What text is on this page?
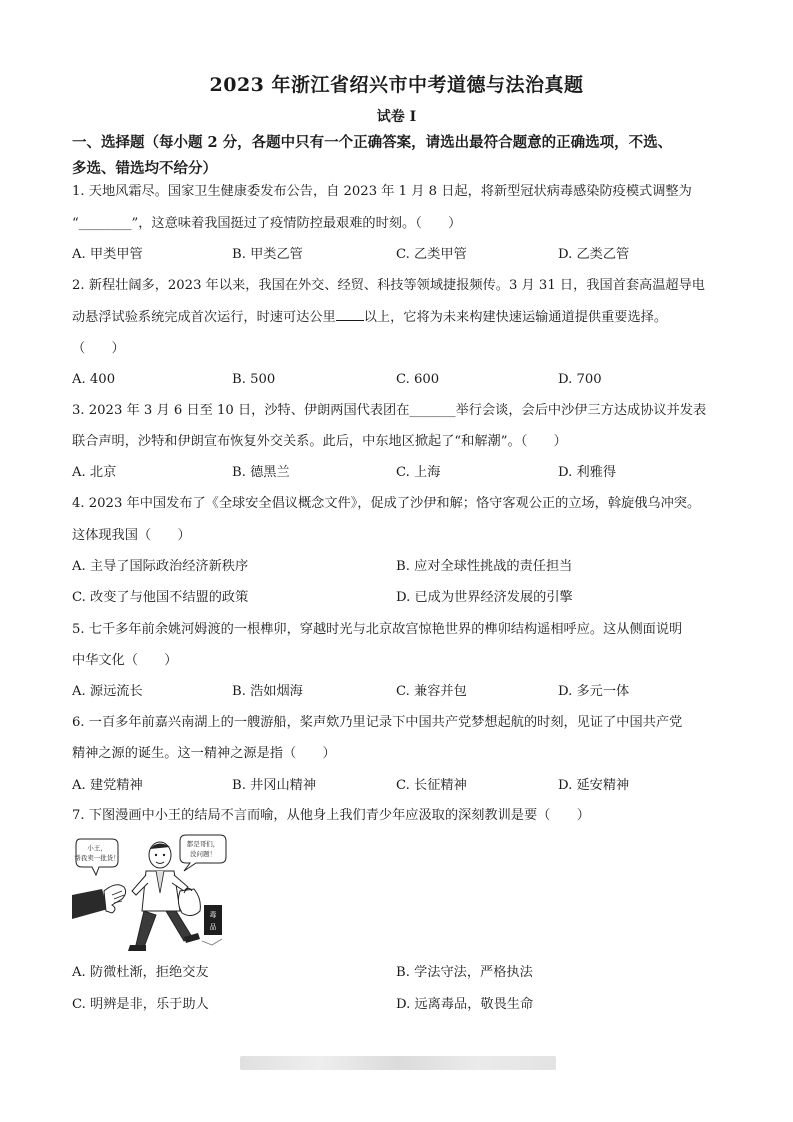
2023 年浙江省绍兴市中考道德与法治真题
试卷 I
一、选择题（每小题 2 分，各题中只有一个正确答案，请选出最符合题意的正确选项，不选、
多选、错选均不给分）
1. 天地风霜尽。国家卫生健康委发布公告，自 2023 年 1 月 8 日起，将新型冠状病毒感染防疫模式调整为
“________”，这意味着我国挺过了疫情防控最艰难的时刻。（　　）
A. 甲类甲管	B. 甲类乙管	C. 乙类甲管	D. 乙类乙管
2. 新程壮阔多，2023 年以来，我国在外交、经贸、科技等领域捷报频传。3 月 31 日，我国首套高温超导电
动悬浮试验系统完成首次运行，时速可达公里 以上，它将为未来构建快速运输通道提供重要选择。
（　　）
A. 400	B. 500	C. 600	D. 700
3. 2023 年 3 月 6 日至 10 日，沙特、伊朗两国代表团在_______举行会谈，会后中沙伊三方达成协议并发表
联合声明，沙特和伊朗宣布恢复外交关系。此后，中东地区掀起了“和解潮”。（　　）
A. 北京	B. 德黑兰	C. 上海	D. 利雅得
4. 2023 年中国发布了《全球安全倡议概念文件》，促成了沙伊和解；恪守客观公正的立场，斡旋俄乌冲突。
这体现我国（　　）
A. 主导了国际政治经济新秩序	B. 应对全球性挑战的责任担当
C. 改变了与他国不结盟的政策	D. 已成为世界经济发展的引擎
5. 七千多年前余姚河姆渡的一根榫卯，穿越时光与北京故宫惊艳世界的榫卯结构遥相呼应。这从侧面说明
中华文化（　　）
A. 源远流长	B. 浩如烟海	C. 兼容并包	D. 多元一体
6. 一百多年前嘉兴南湖上的一艘游船，桨声欸乃里记录下中国共产党梦想起航的时刻，见证了中国共产党
精神之源的诞生。这一精神之源是指（　　）
A. 建党精神	B. 井冈山精神	C. 长征精神	D. 延安精神
7. 下图漫画中小王的结局不言而喻，从他身上我们青少年应汲取的深刻教训是要（　　）
小王，
帮我卖一批货！
都是哥们，
没问题！
毒
品
A. 防微杜渐，拒绝交友	B. 学法守法，严格执法
C. 明辨是非，乐于助人	D. 远离毒品，敬畏生命
